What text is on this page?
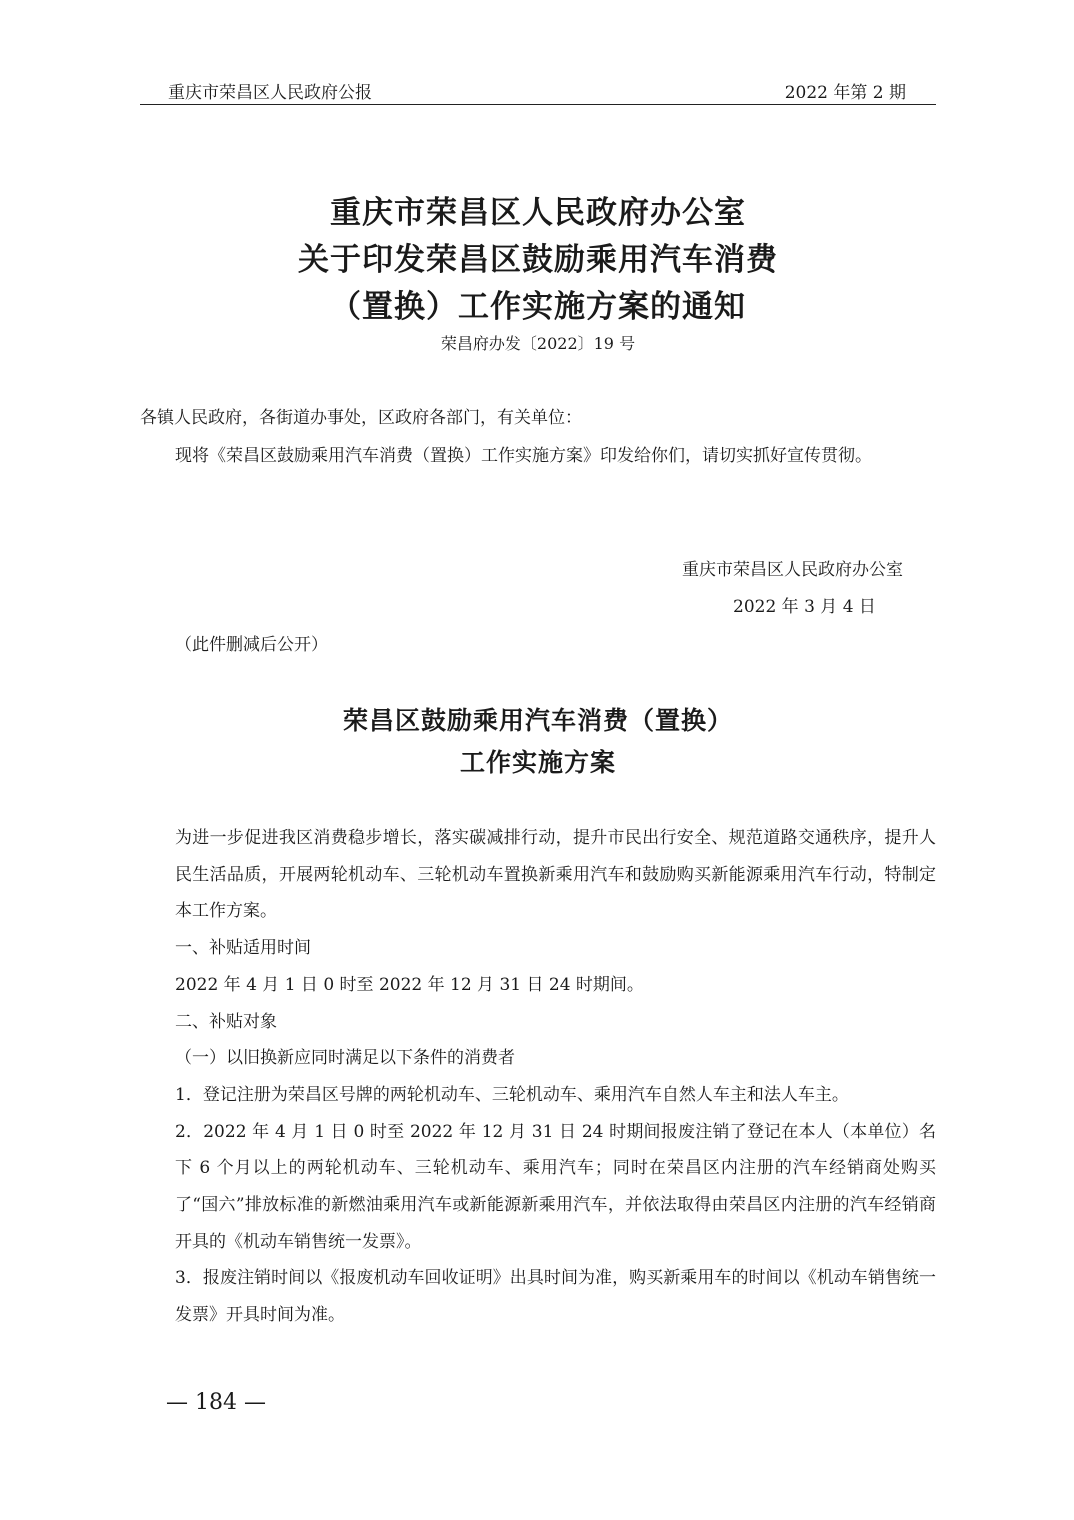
重庆市荣昌区人民政府公报	2022 年第 2 期
重庆市荣昌区人民政府办公室
关于印发荣昌区鼓励乘用汽车消费
（置换）工作实施方案的通知
荣昌府办发〔2022〕19 号
各镇人民政府，各街道办事处，区政府各部门，有关单位：
现将《荣昌区鼓励乘用汽车消费（置换）工作实施方案》印发给你们，请切实抓好宣传贯彻。
重庆市荣昌区人民政府办公室
2022 年 3 月 4 日
（此件删减后公开）
荣昌区鼓励乘用汽车消费（置换）
工作实施方案

为进一步促进我区消费稳步增长，落实碳减排行动，提升市民出行安全、规范道路交通秩序，提升人民生活品质，开展两轮机动车、三轮机动车置换新乘用汽车和鼓励购买新能源乘用汽车行动，特制定本工作方案。

一、补贴适用时间

2022 年 4 月 1 日 0 时至 2022 年 12 月 31 日 24 时期间。

二、补贴对象

（一）以旧换新应同时满足以下条件的消费者

1．登记注册为荣昌区号牌的两轮机动车、三轮机动车、乘用汽车自然人车主和法人车主。

2．2022 年 4 月 1 日 0 时至 2022 年 12 月 31 日 24 时期间报废注销了登记在本人（本单位）名下 6 个月以上的两轮机动车、三轮机动车、乘用汽车；同时在荣昌区内注册的汽车经销商处购买了“国六”排放标准的新燃油乘用汽车或新能源新乘用汽车，并依法取得由荣昌区内注册的汽车经销商开具的《机动车销售统一发票》。

3．报废注销时间以《报废机动车回收证明》出具时间为准，购买新乘用车的时间以《机动车销售统一发票》开具时间为准。

— 184 —
